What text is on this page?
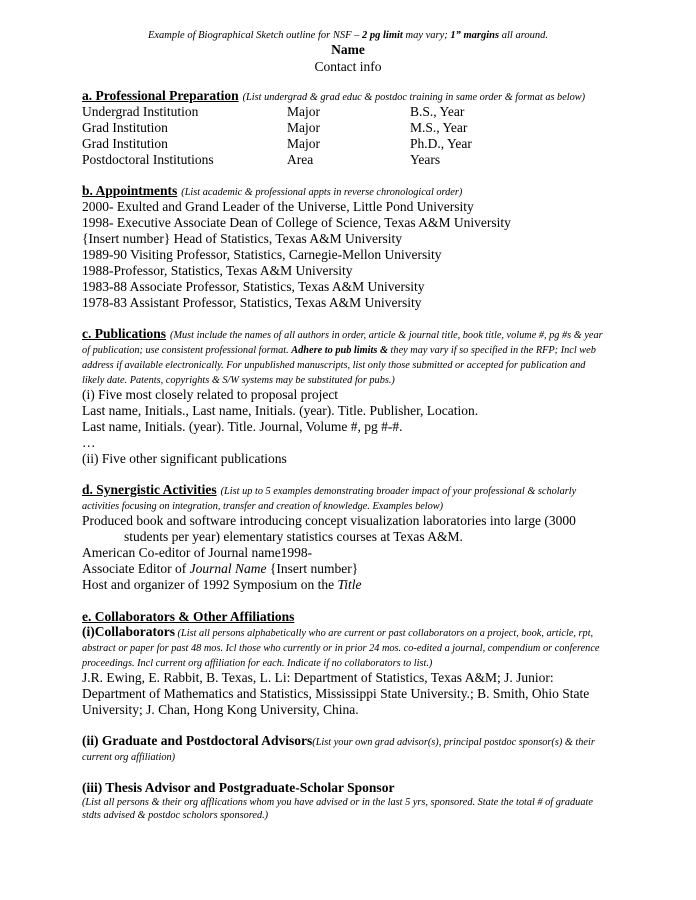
Example of Biographical Sketch outline for NSF – 2 pg limit may vary; 1” margins all around.
Name
Contact info
a. Professional Preparation (List undergrad & grad educ & postdoc training in same order & format as below)
Undergrad Institution	Major	B.S., Year
Grad Institution	Major	M.S., Year
Grad Institution	Major	Ph.D., Year
Postdoctoral Institutions	Area	Years
b. Appointments (List academic & professional appts in reverse chronological order)
2000- Exulted and Grand Leader of the Universe, Little Pond University
1998- Executive Associate Dean of College of Science, Texas A&M University
{Insert number} Head of Statistics, Texas A&M University
1989-90 Visiting Professor, Statistics, Carnegie-Mellon University
1988-Professor, Statistics, Texas A&M University
1983-88 Associate Professor, Statistics, Texas A&M University
1978-83 Assistant Professor, Statistics, Texas A&M University
c. Publications (Must include the names of all authors in order, article & journal title, book title, volume #, pg #s & year of publication; use consistent professional format. Adhere to pub limits & they may vary if so specified in the RFP; Incl web address if available electronically. For unpublished manuscripts, list only those submitted or accepted for publication and likely date. Patents, copyrights & S/W systems may be substituted for pubs.)
(i) Five most closely related to proposal project
Last name, Initials., Last name, Initials. (year). Title. Publisher, Location.
Last name, Initials. (year). Title. Journal, Volume #, pg #-#.
…
(ii) Five other significant publications
d. Synergistic Activities (List up to 5 examples demonstrating broader impact of your professional & scholarly activities focusing on integration, transfer and creation of knowledge. Examples below)
Produced book and software introducing concept visualization laboratories into large (3000 students per year) elementary statistics courses at Texas A&M.
American Co-editor of Journal name1998-
Associate Editor of Journal Name {Insert number}
Host and organizer of 1992 Symposium on the Title
e. Collaborators & Other Affiliations
(i)Collaborators (List all persons alphabetically who are current or past collaborators on a project, book, article, rpt, abstract or paper for past 48 mos. Icl those who currently or in prior 24 mos. co-edited a journal, compendium or conference proceedings. Incl current org affiliation for each. Indicate if no collaborators to list.)
J.R. Ewing, E. Rabbit, B. Texas, L. Li: Department of Statistics, Texas A&M; J. Junior: Department of Mathematics and Statistics, Mississippi State University.; B. Smith, Ohio State University; J. Chan, Hong Kong University, China.
(ii) Graduate and Postdoctoral Advisors(List your own grad advisor(s), principal postdoc sponsor(s) & their current org affiliation)
(iii) Thesis Advisor and Postgraduate-Scholar Sponsor
(List all persons & their org afflications whom you have advised or in the last 5 yrs, sponsored. State the total # of graduate stdts advised & postdoc scholors sponsored.)
